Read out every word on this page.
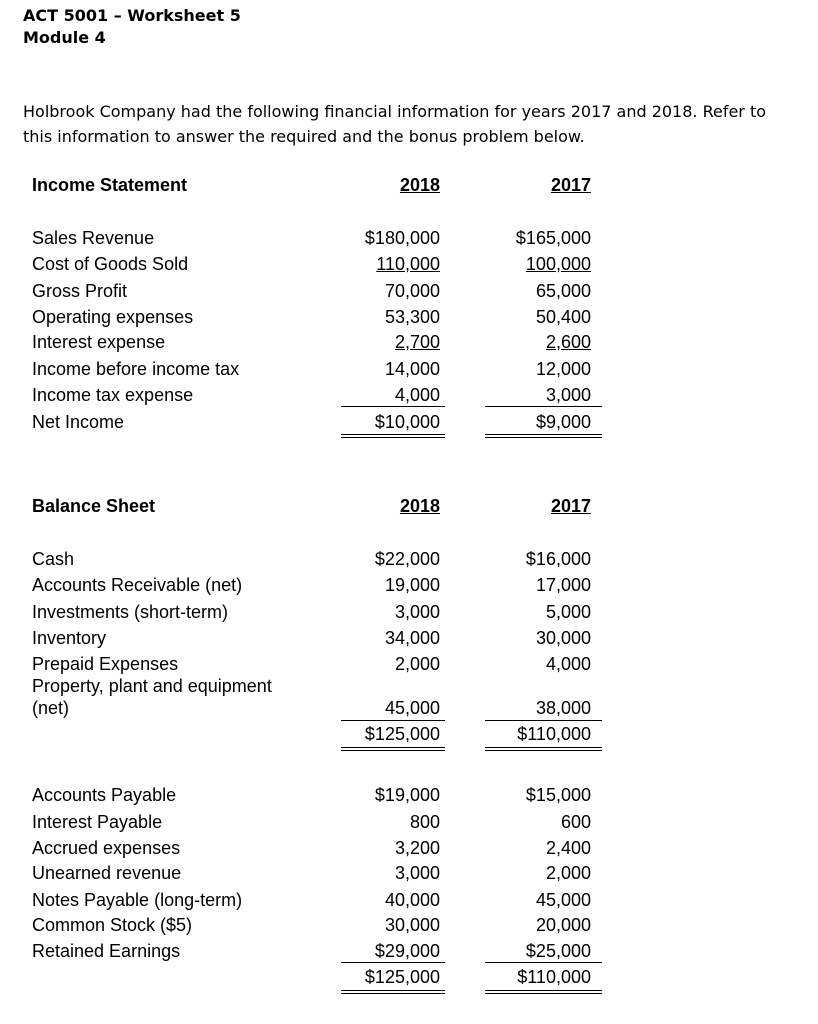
ACT 5001 – Worksheet 5
Module 4
Holbrook Company had the following financial information for years 2017 and 2018. Refer to this information to answer the required and the bonus problem below.
Income Statement	2018	2017
Sales Revenue	$180,000	$165,000
Cost of Goods Sold	110,000	100,000
Gross Profit	70,000	65,000
Operating expenses	53,300	50,400
Interest expense	2,700	2,600
Income before income tax	14,000	12,000
Income tax expense	4,000	3,000
Net Income	$10,000	$9,000
Balance Sheet	2018	2017
Cash	$22,000	$16,000
Accounts Receivable (net)	19,000	17,000
Investments (short-term)	3,000	5,000
Inventory	34,000	30,000
Prepaid Expenses	2,000	4,000
Property, plant and equipment
(net)	45,000	38,000
$125,000	$110,000
Accounts Payable	$19,000	$15,000
Interest Payable	800	600
Accrued expenses	3,200	2,400
Unearned revenue	3,000	2,000
Notes Payable (long-term)	40,000	45,000
Common Stock ($5)	30,000	20,000
Retained Earnings	$29,000	$25,000
$125,000	$110,000
